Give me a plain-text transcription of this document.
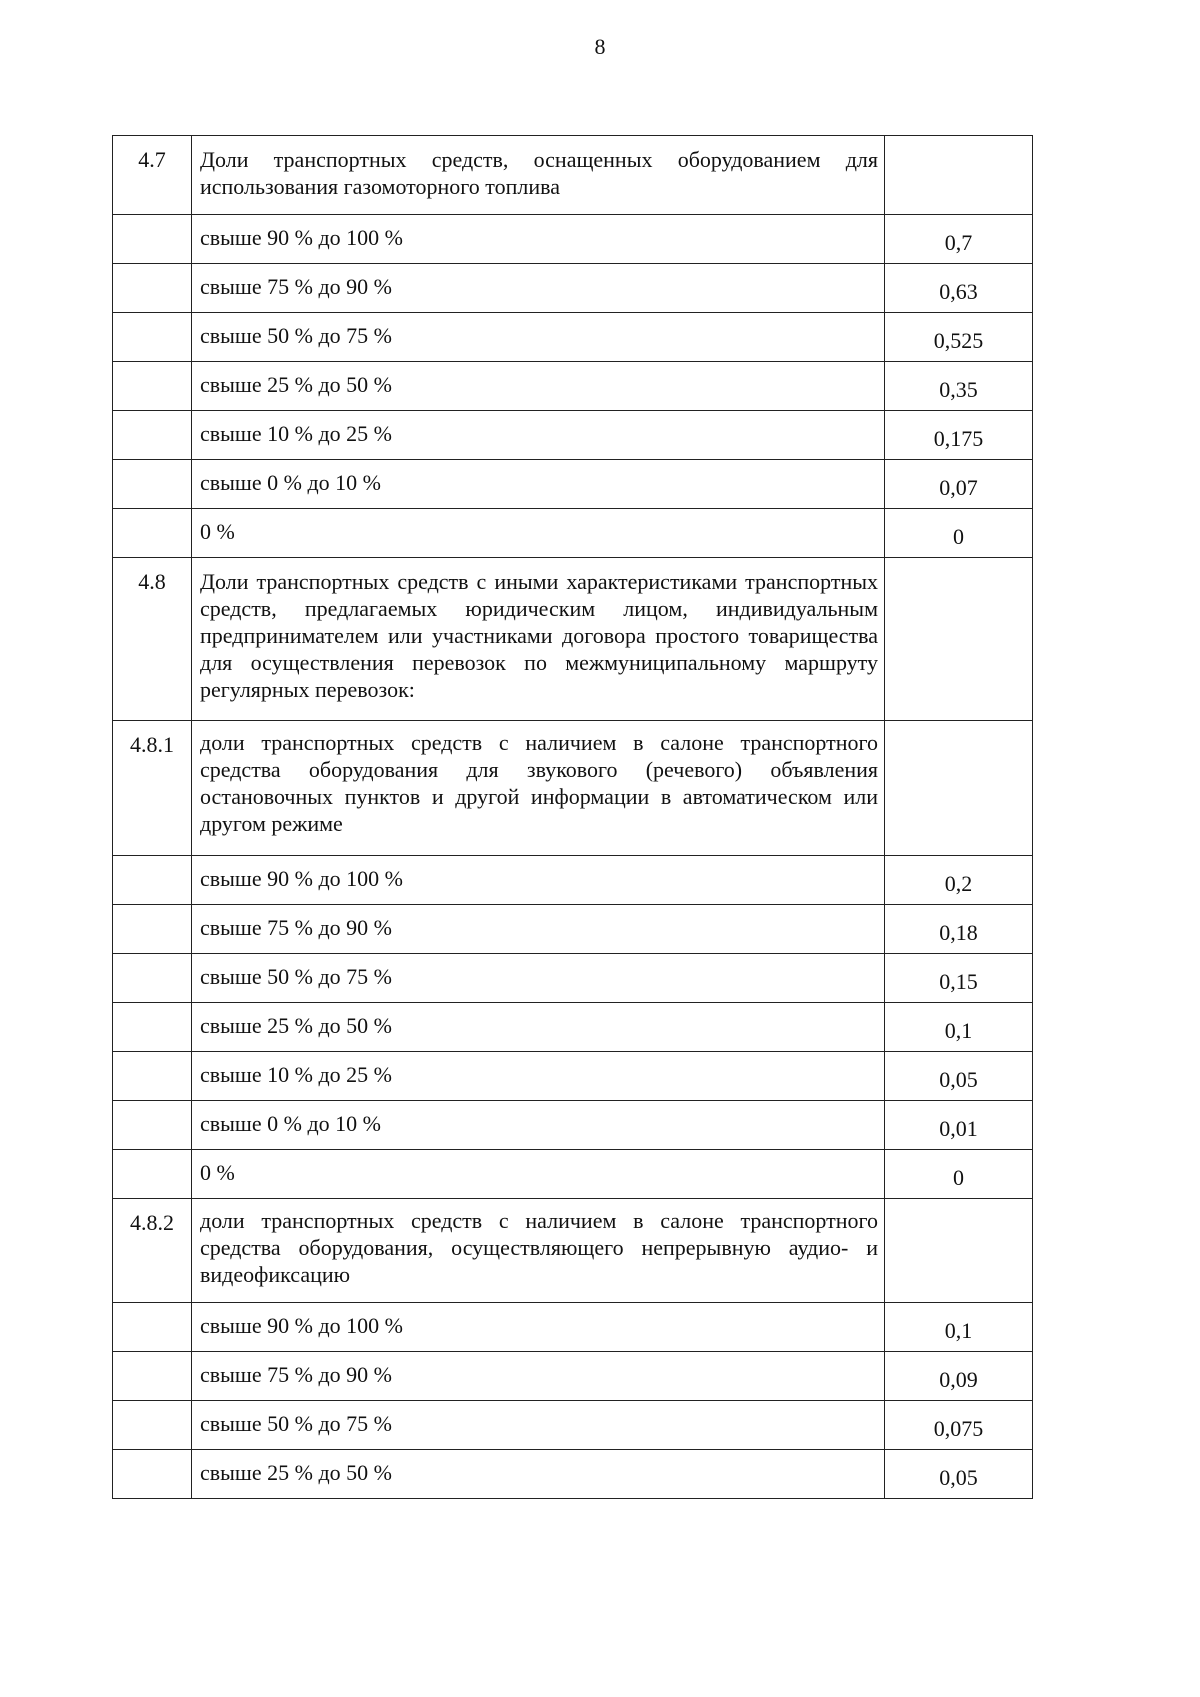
8
4.7	Доли транспортных средств, оснащенных оборудованием для использования газомоторного топлива	
	свыше 90 % до 100 %	0,7
	свыше 75 % до 90 %	0,63
	свыше 50 % до 75 %	0,525
	свыше 25 % до 50 %	0,35
	свыше 10 % до 25 %	0,175
	свыше 0 % до 10 %	0,07
	0 %	0
4.8	Доли транспортных средств с иными характеристиками транспортных средств, предлагаемых юридическим лицом, индивидуальным предпринимателем или участниками договора простого товарищества для осуществления перевозок по межмуниципальному маршруту регулярных перевозок:	
4.8.1	доли транспортных средств с наличием в салоне транспортного средства оборудования для звукового (речевого) объявления остановочных пунктов и другой информации в автоматическом или другом режиме	
	свыше 90 % до 100 %	0,2
	свыше 75 % до 90 %	0,18
	свыше 50 % до 75 %	0,15
	свыше 25 % до 50 %	0,1
	свыше 10 % до 25 %	0,05
	свыше 0 % до 10 %	0,01
	0 %	0
4.8.2	доли транспортных средств с наличием в салоне транспортного средства оборудования, осуществляющего непрерывную аудио- и видеофиксацию	
	свыше 90 % до 100 %	0,1
	свыше 75 % до 90 %	0,09
	свыше 50 % до 75 %	0,075
	свыше 25 % до 50 %	0,05
